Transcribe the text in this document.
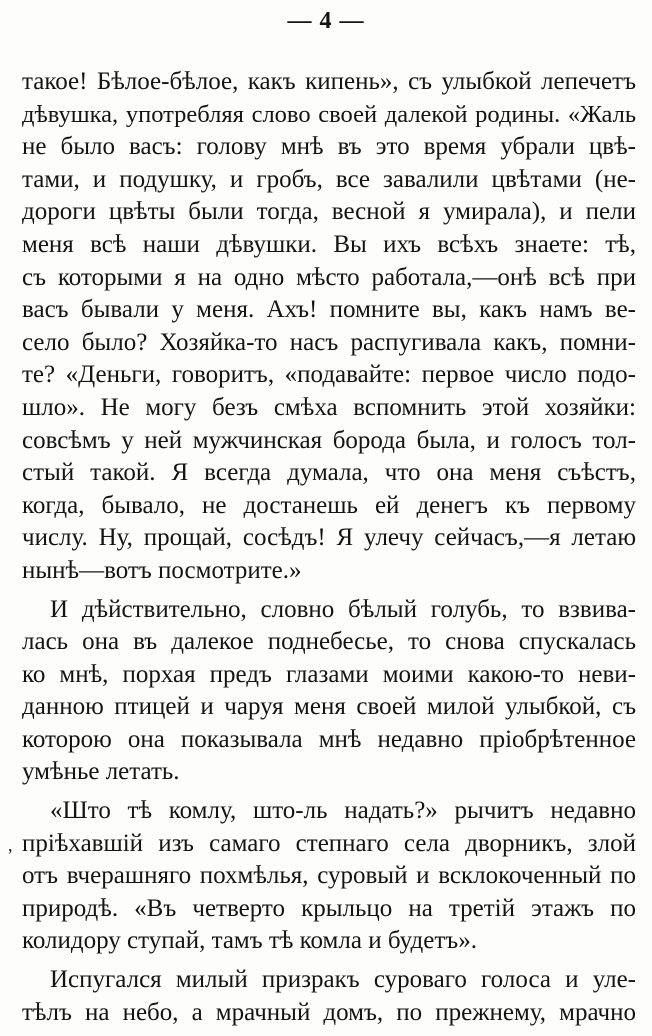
— 4 —
такое! Бѣлое-бѣлое, какъ кипень», съ улыбкой лепечетъ
дѣвушка, употребляя слово своей далекой родины. «Жаль
не было васъ: голову мнѣ въ это время убрали цвѣ-
тами, и подушку, и гробъ, все завалили цвѣтами (не-
дороги цвѣты были тогда, весной я умирала), и пели
меня всѣ наши дѣвушки. Вы ихъ всѣхъ знаете: тѣ,
съ которыми я на одно мѣсто работала,—онѣ всѣ при
васъ бывали у меня. Ахъ! помните вы, какъ намъ ве-
село было? Хозяйка-то насъ распугивала какъ, помни-
те? «Деньги, говоритъ, «подавайте: первое число подо-
шло». Не могу безъ смѣха вспомнить этой хозяйки:
совсѣмъ у ней мужчинская борода была, и голосъ тол-
стый такой. Я всегда думала, что она меня съѣстъ,
когда, бывало, не достанешь ей денегъ къ первому
числу. Ну, прощай, сосѣдъ! Я улечу сейчасъ,—я летаю
нынѣ—вотъ посмотрите.»
И дѣйствительно, словно бѣлый голубь, то взвива-
лась она въ далекое поднебесье, то снова спускалась
ко мнѣ, порхая предъ глазами моими какою-то неви-
данною птицей и чаруя меня своей милой улыбкой, съ
которою она показывала мнѣ недавно пріобрѣтенное
умѣнье летать.
«Што тѣ комлу, што-ль надать?» рычитъ недавно
пріѣхавшій изъ самаго степнаго села дворникъ, злой
отъ вчерашняго похмѣлья, суровый и всклокоченный по
природѣ. «Въ четверто крыльцо на третій этажъ по
колидору ступай, тамъ тѣ комла и будетъ».
Испугался милый призракъ суроваго голоса и уле-
тѣлъ на небо, а мрачный домъ, по прежнему, мрачно
,
